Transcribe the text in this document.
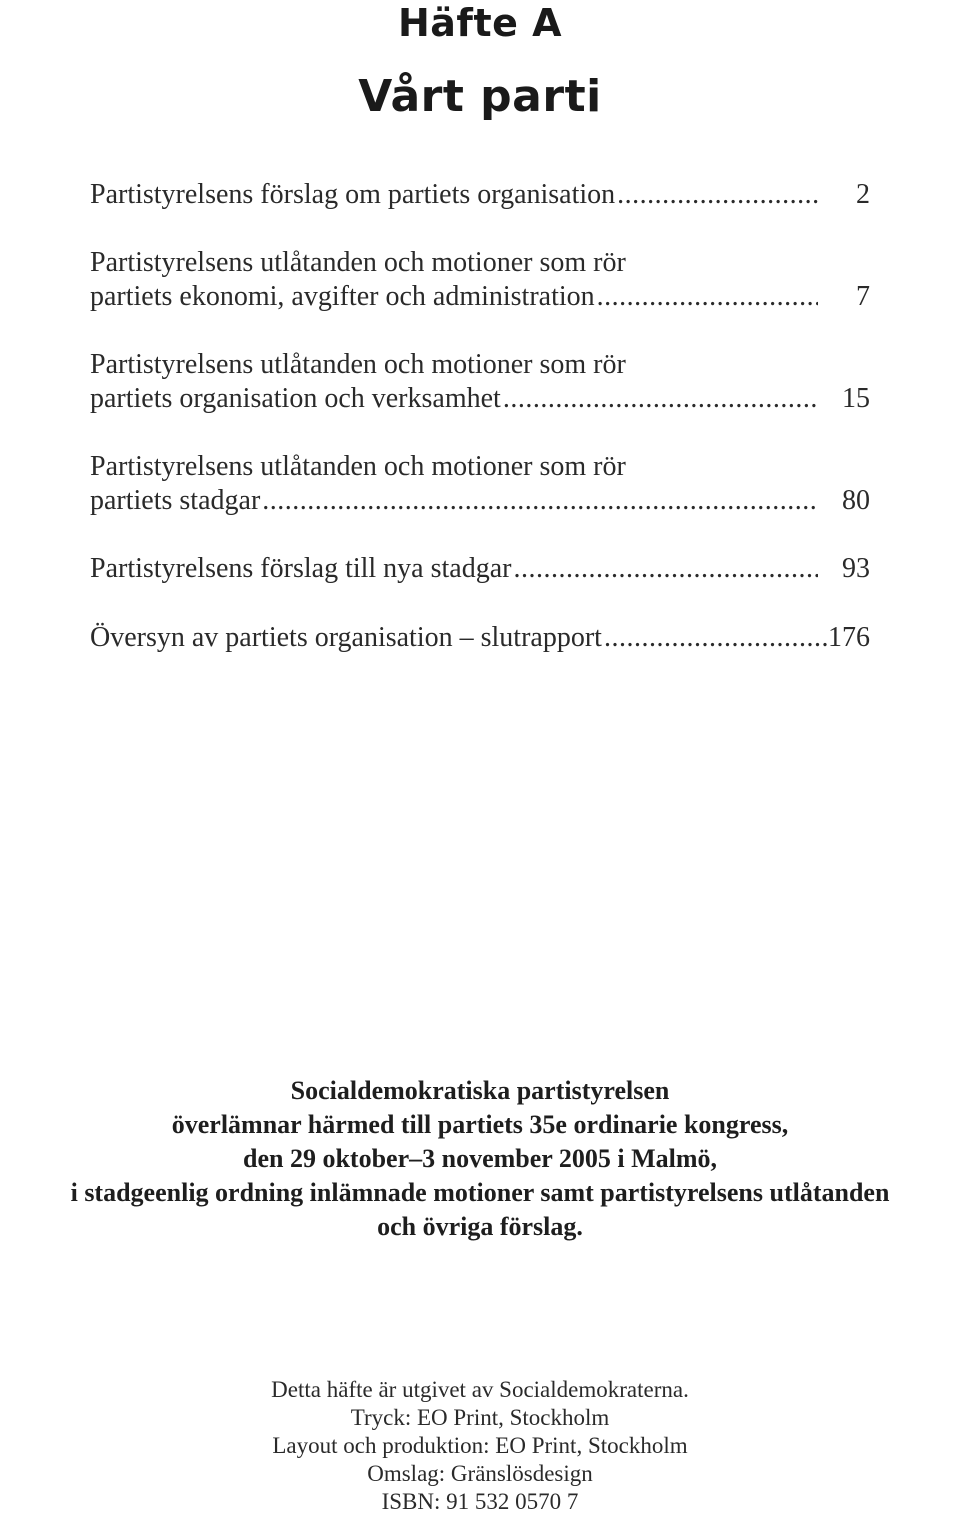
Häfte A
Vårt parti
Partistyrelsens förslag om partiets organisation .....	2
Partistyrelsens utlåtanden och motioner som rör
partiets ekonomi, avgifter och administration .....	7
Partistyrelsens utlåtanden och motioner som rör
partiets organisation och verksamhet .....	15
Partistyrelsens utlåtanden och motioner som rör
partiets stadgar .....	80
Partistyrelsens förslag till nya stadgar .....	93
Översyn av partiets organisation – slutrapport .....	176
Socialdemokratiska partistyrelsen
överlämnar härmed till partiets 35e ordinarie kongress,
den 29 oktober–3 november 2005 i Malmö,
i stadgeenlig ordning inlämnade motioner samt partistyrelsens utlåtanden
och övriga förslag.
Detta häfte är utgivet av Socialdemokraterna.
Tryck: EO Print, Stockholm
Layout och produktion: EO Print, Stockholm
Omslag: Gränslösdesign
ISBN: 91 532 0570 7
